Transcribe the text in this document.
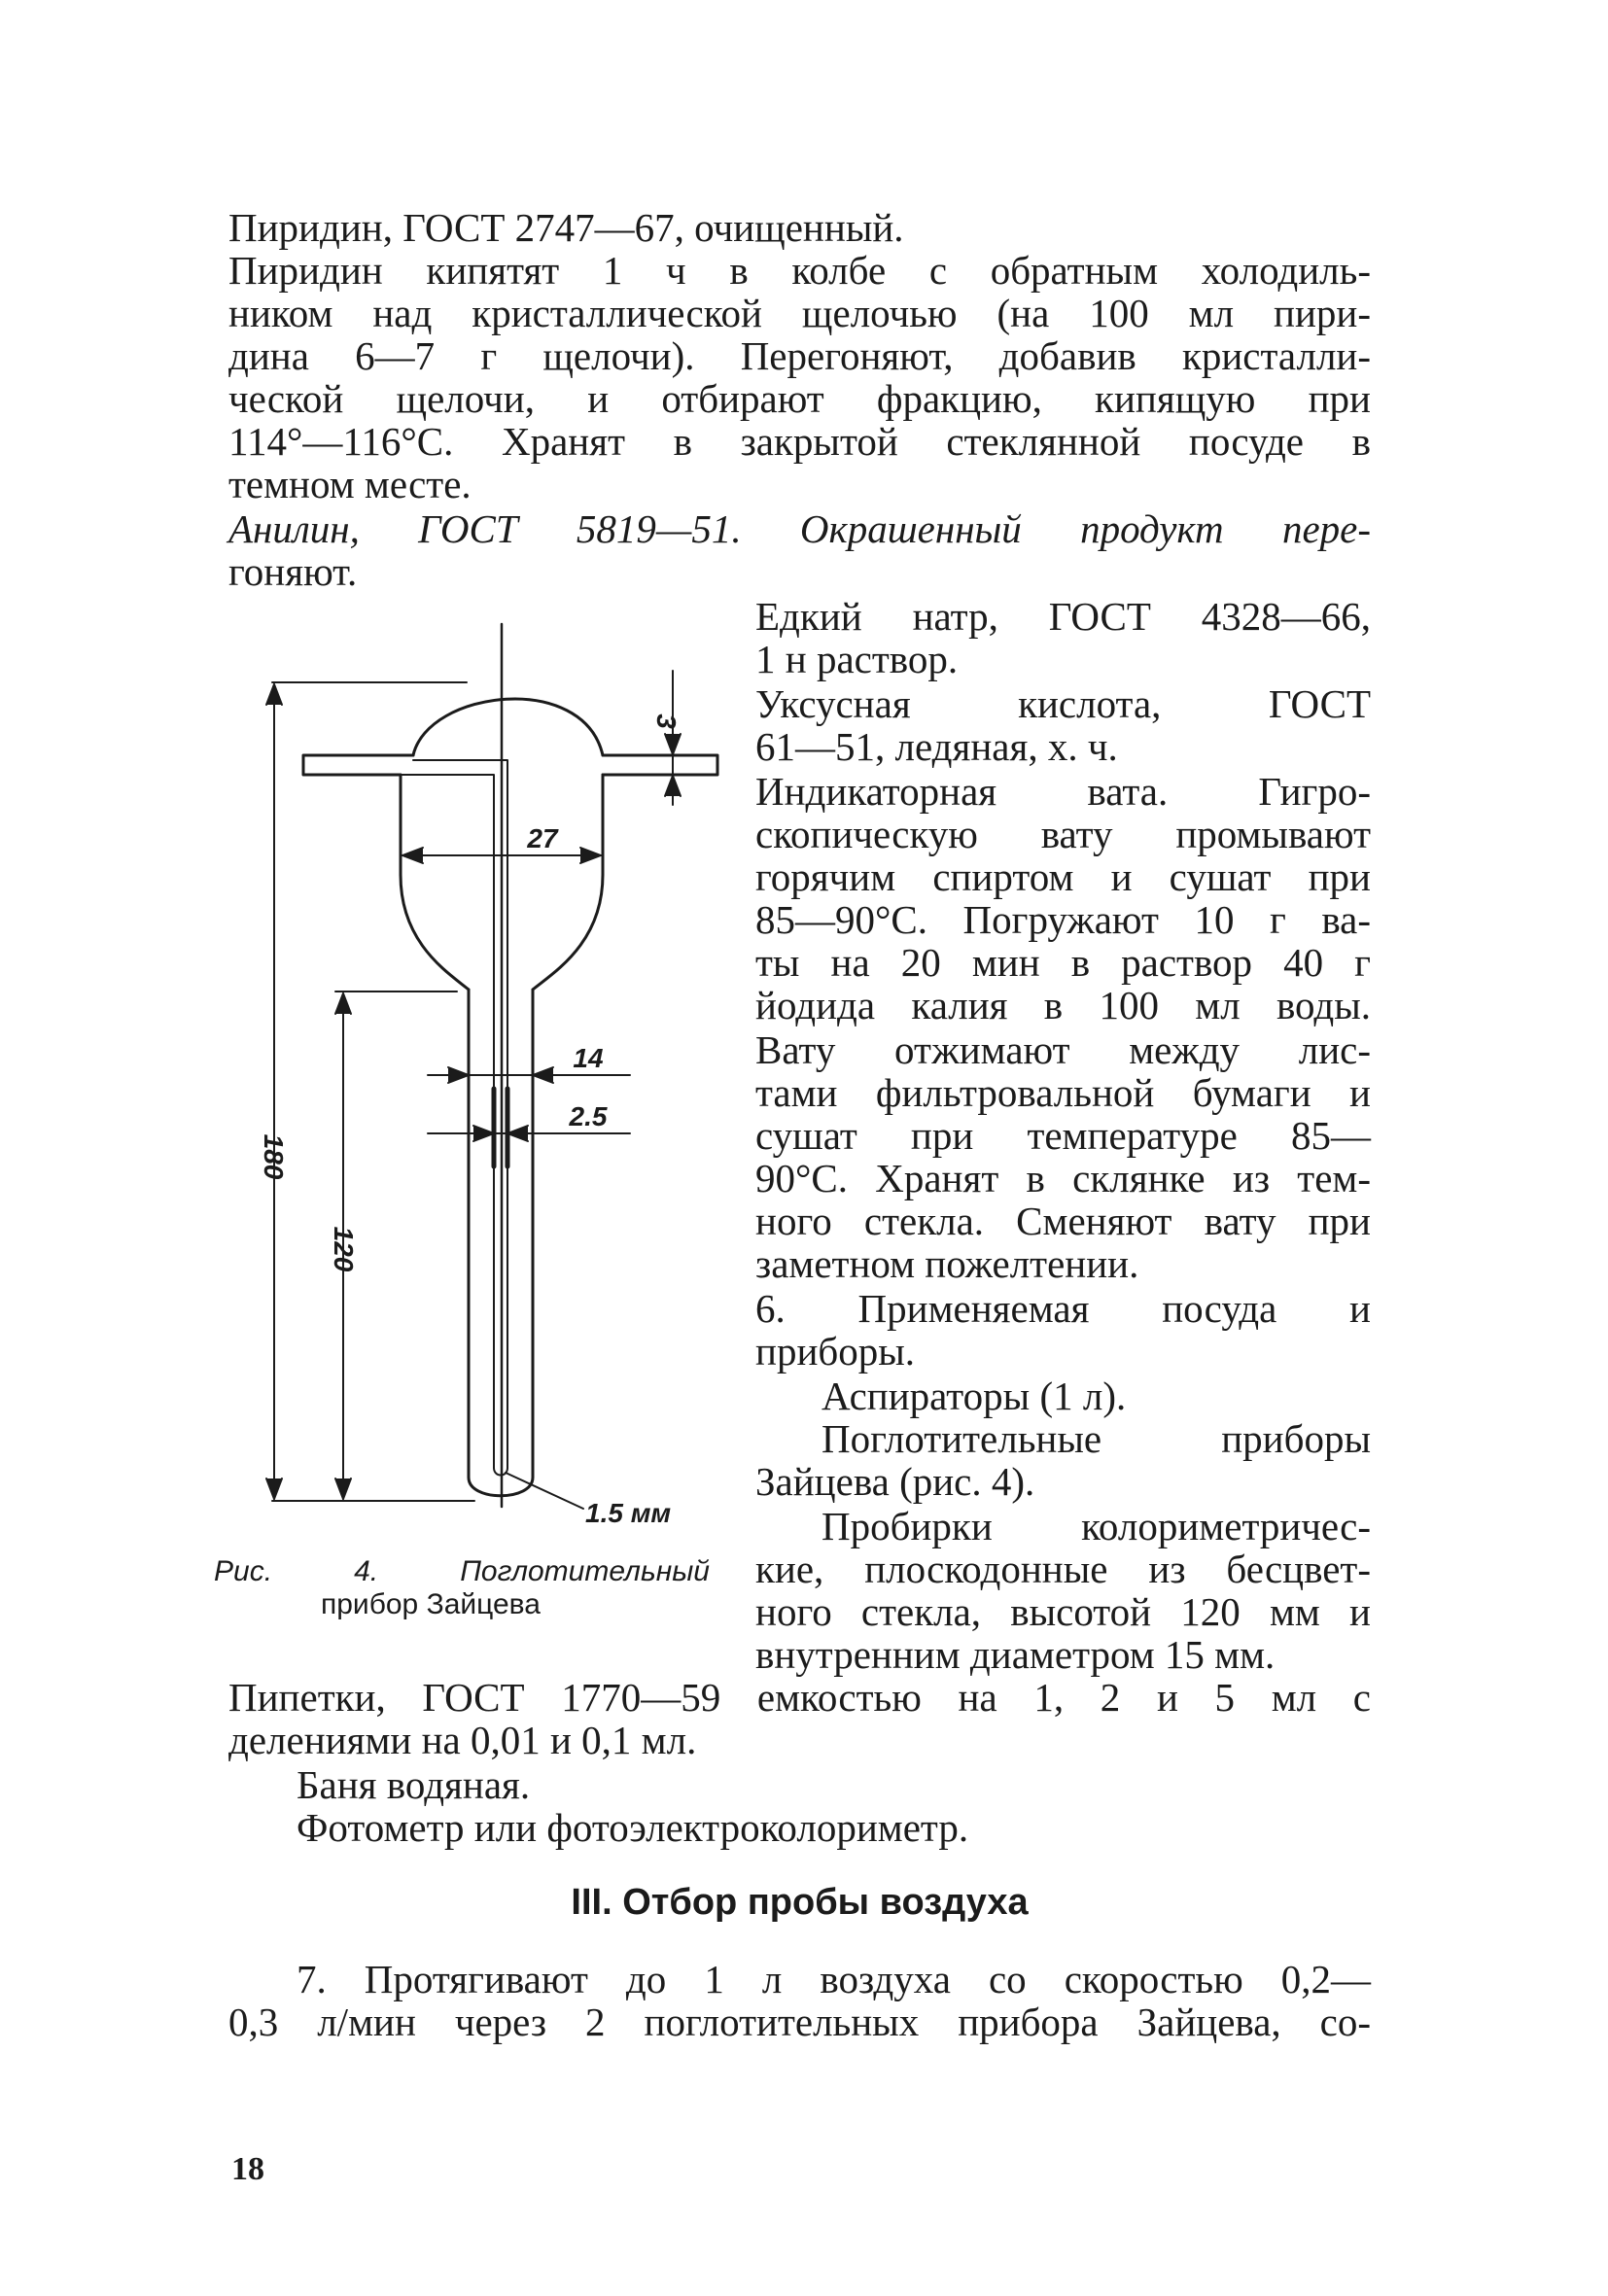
Пиридин, ГОСТ 2747—67, очищенный.
Пиридин кипятят 1 ч в колбе с обратным холодиль-
ником над кристаллической щелочью (на 100 мл пири-
дина 6—7 г щелочи). Перегоняют, добавив кристалли-
ческой щелочи, и отбирают фракцию, кипящую при
114°—116°С. Хранят в закрытой стеклянной посуде в
темном месте.
Анилин, ГОСТ 5819—51. Окрашенный продукт пере-
гоняют.
Едкий натр, ГОСТ 4328—66,
1 н раствор.
Уксусная кислота, ГОСТ
61—51, ледяная, х. ч.
Индикаторная вата. Гигро-
скопическую вату промывают
горячим спиртом и сушат при
85—90°С. Погружают 10 г ва-
ты на 20 мин в раствор 40 г
йодида калия в 100 мл воды.
Вату отжимают между лис-
тами фильтровальной бумаги и
сушат при температуре 85—
90°С. Хранят в склянке из тем-
ного стекла. Сменяют вату при
заметном пожелтении.
6. Применяемая посуда и
приборы.
Аспираторы (1 л).
Поглотительные приборы
Зайцева (рис. 4).
Пробирки колориметричес-
кие, плоскодонные из бесцвет-
ного стекла, высотой 120 мм и
внутренним диаметром 15 мм.
180
120
27
3
14
2.5
1.5 мм
Рис. 4. Поглотительный
прибор Зайцева
Пипетки, ГОСТ 1770—59 емкостью на 1, 2 и 5 мл с
делениями на 0,01 и 0,1 мл.
Баня водяная.
Фотометр или фотоэлектроколориметр.
III. Отбор пробы воздуха
7. Протягивают до 1 л воздуха со скоростью 0,2—
0,3 л/мин через 2 поглотительных прибора Зайцева, со-
18
